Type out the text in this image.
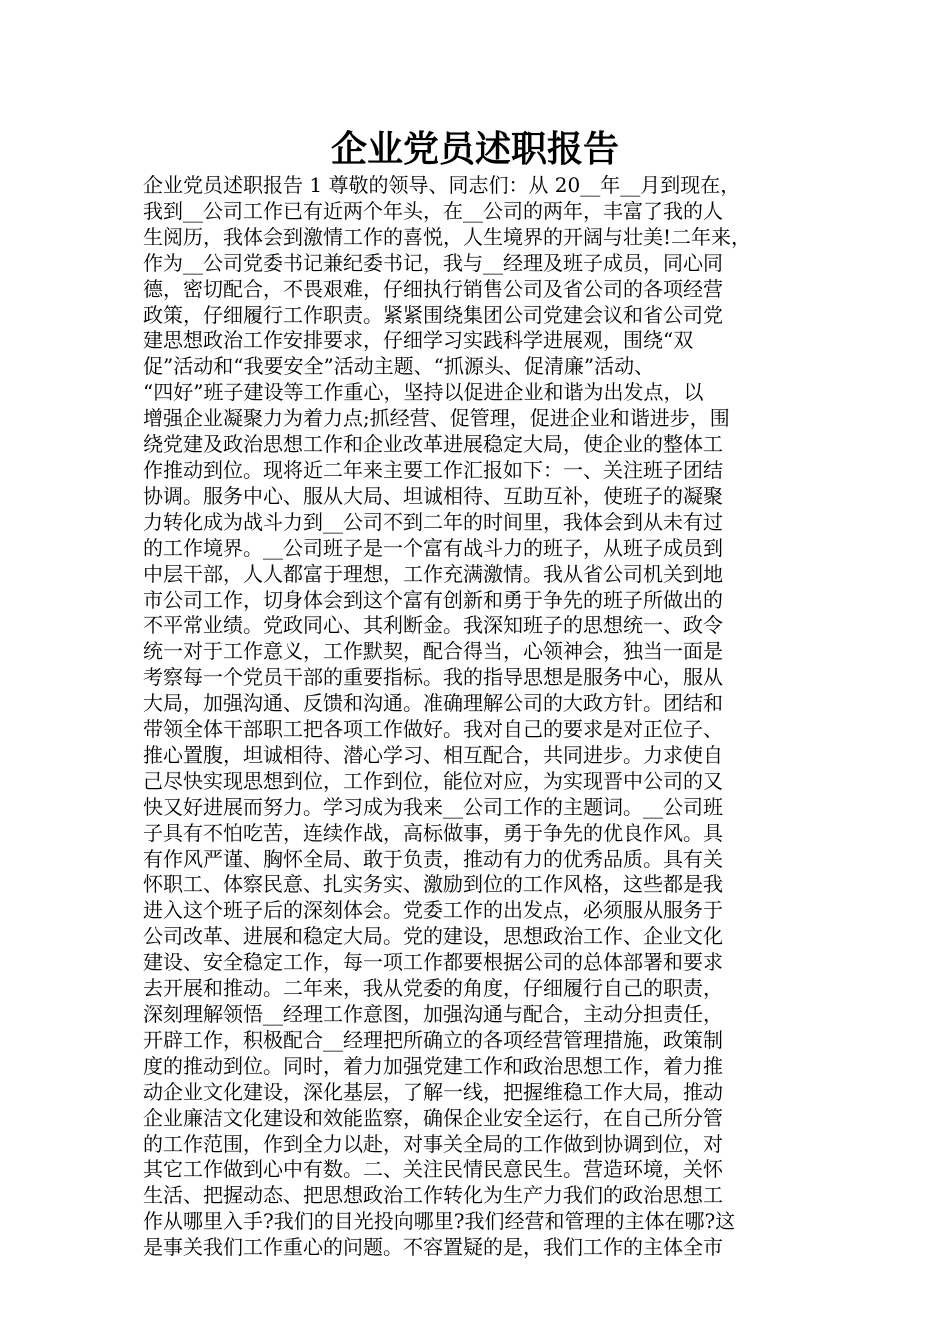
企业党员述职报告
企业党员述职报告 1 尊敬的领导、同志们：从 20__年__月到现在，
我到__公司工作已有近两个年头，在__公司的两年，丰富了我的人
生阅历，我体会到激情工作的喜悦，人生境界的开阔与壮美!二年来，
作为__公司党委书记兼纪委书记，我与__经理及班子成员，同心同
德，密切配合，不畏艰难，仔细执行销售公司及省公司的各项经营
政策，仔细履行工作职责。紧紧围绕集团公司党建会议和省公司党
建思想政治工作安排要求，仔细学习实践科学进展观，围绕“双
促”活动和“我要安全”活动主题、“抓源头、促清廉”活动、
“四好”班子建设等工作重心，坚持以促进企业和谐为出发点，以
增强企业凝聚力为着力点;抓经营、促管理，促进企业和谐进步，围
绕党建及政治思想工作和企业改革进展稳定大局，使企业的整体工
作推动到位。现将近二年来主要工作汇报如下：一、关注班子团结
协调。服务中心、服从大局、坦诚相待、互助互补，使班子的凝聚
力转化成为战斗力到__公司不到二年的时间里，我体会到从未有过
的工作境界。__公司班子是一个富有战斗力的班子，从班子成员到
中层干部，人人都富于理想，工作充满激情。我从省公司机关到地
市公司工作，切身体会到这个富有创新和勇于争先的班子所做出的
不平常业绩。党政同心、其利断金。我深知班子的思想统一、政令
统一对于工作意义，工作默契，配合得当，心领神会，独当一面是
考察每一个党员干部的重要指标。我的指导思想是服务中心，服从
大局，加强沟通、反馈和沟通。准确理解公司的大政方针。团结和
带领全体干部职工把各项工作做好。我对自己的要求是对正位子、
推心置腹，坦诚相待、潜心学习、相互配合，共同进步。力求使自
己尽快实现思想到位，工作到位，能位对应，为实现晋中公司的又
快又好进展而努力。学习成为我来__公司工作的主题词。__公司班
子具有不怕吃苦，连续作战，高标做事，勇于争先的优良作风。具
有作风严谨、胸怀全局、敢于负责，推动有力的优秀品质。具有关
怀职工、体察民意、扎实务实、激励到位的工作风格，这些都是我
进入这个班子后的深刻体会。党委工作的出发点，必须服从服务于
公司改革、进展和稳定大局。党的建设，思想政治工作、企业文化
建设、安全稳定工作，每一项工作都要根据公司的总体部署和要求
去开展和推动。二年来，我从党委的角度，仔细履行自己的职责，
深刻理解领悟__经理工作意图，加强沟通与配合，主动分担责任，
开辟工作，积极配合__经理把所确立的各项经营管理措施，政策制
度的推动到位。同时，着力加强党建工作和政治思想工作，着力推
动企业文化建设，深化基层，了解一线，把握维稳工作大局，推动
企业廉洁文化建设和效能监察，确保企业安全运行，在自己所分管
的工作范围，作到全力以赴，对事关全局的工作做到协调到位，对
其它工作做到心中有数。二、关注民情民意民生。营造环境，关怀
生活、把握动态、把思想政治工作转化为生产力我们的政治思想工
作从哪里入手?我们的目光投向哪里?我们经营和管理的主体在哪?这
是事关我们工作重心的问题。不容置疑的是，我们工作的主体全市
